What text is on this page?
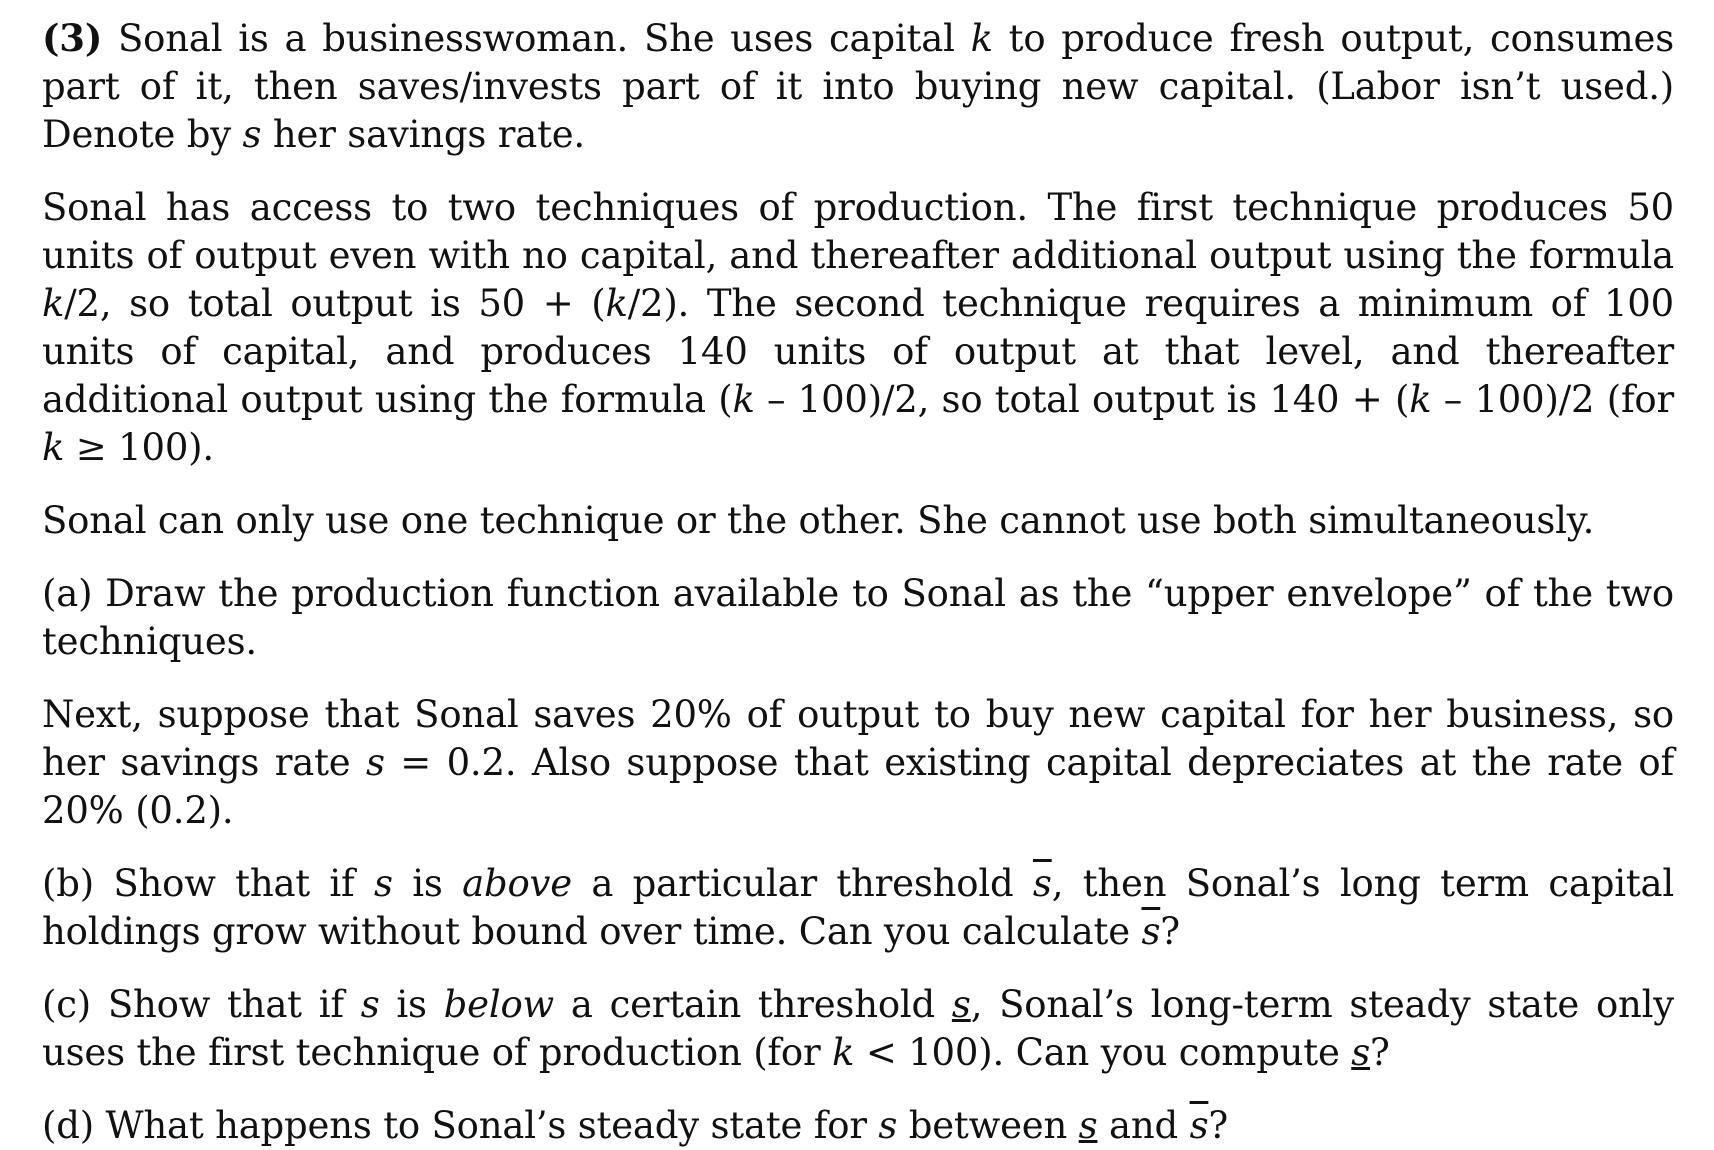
(3) Sonal is a businesswoman. She uses capital k to produce fresh output, consumes part of it, then saves/invests part of it into buying new capital. (Labor isn’t used.) Denote by s her savings rate.

Sonal has access to two techniques of production. The first technique produces 50 units of output even with no capital, and thereafter additional output using the formula k/2, so total output is 50 + (k/2). The second technique requires a minimum of 100 units of capital, and produces 140 units of output at that level, and thereafter additional output using the formula (k – 100)/2, so total output is 140 + (k – 100)/2 (for k ≥ 100).

Sonal can only use one technique or the other. She cannot use both simultaneously.

(a) Draw the production function available to Sonal as the “upper envelope” of the two techniques.

Next, suppose that Sonal saves 20% of output to buy new capital for her business, so her savings rate s = 0.2. Also suppose that existing capital depreciates at the rate of 20% (0.2).

(b) Show that if s is above a particular threshold $\overline{s}$, then Sonal’s long term capital holdings grow without bound over time. Can you calculate $\overline{s}$?

(c) Show that if s is below a certain threshold s, Sonal’s long-term steady state only uses the first technique of production (for k < 100). Can you compute s?

(d) What happens to Sonal’s steady state for s between s and $\overline{s}$?
